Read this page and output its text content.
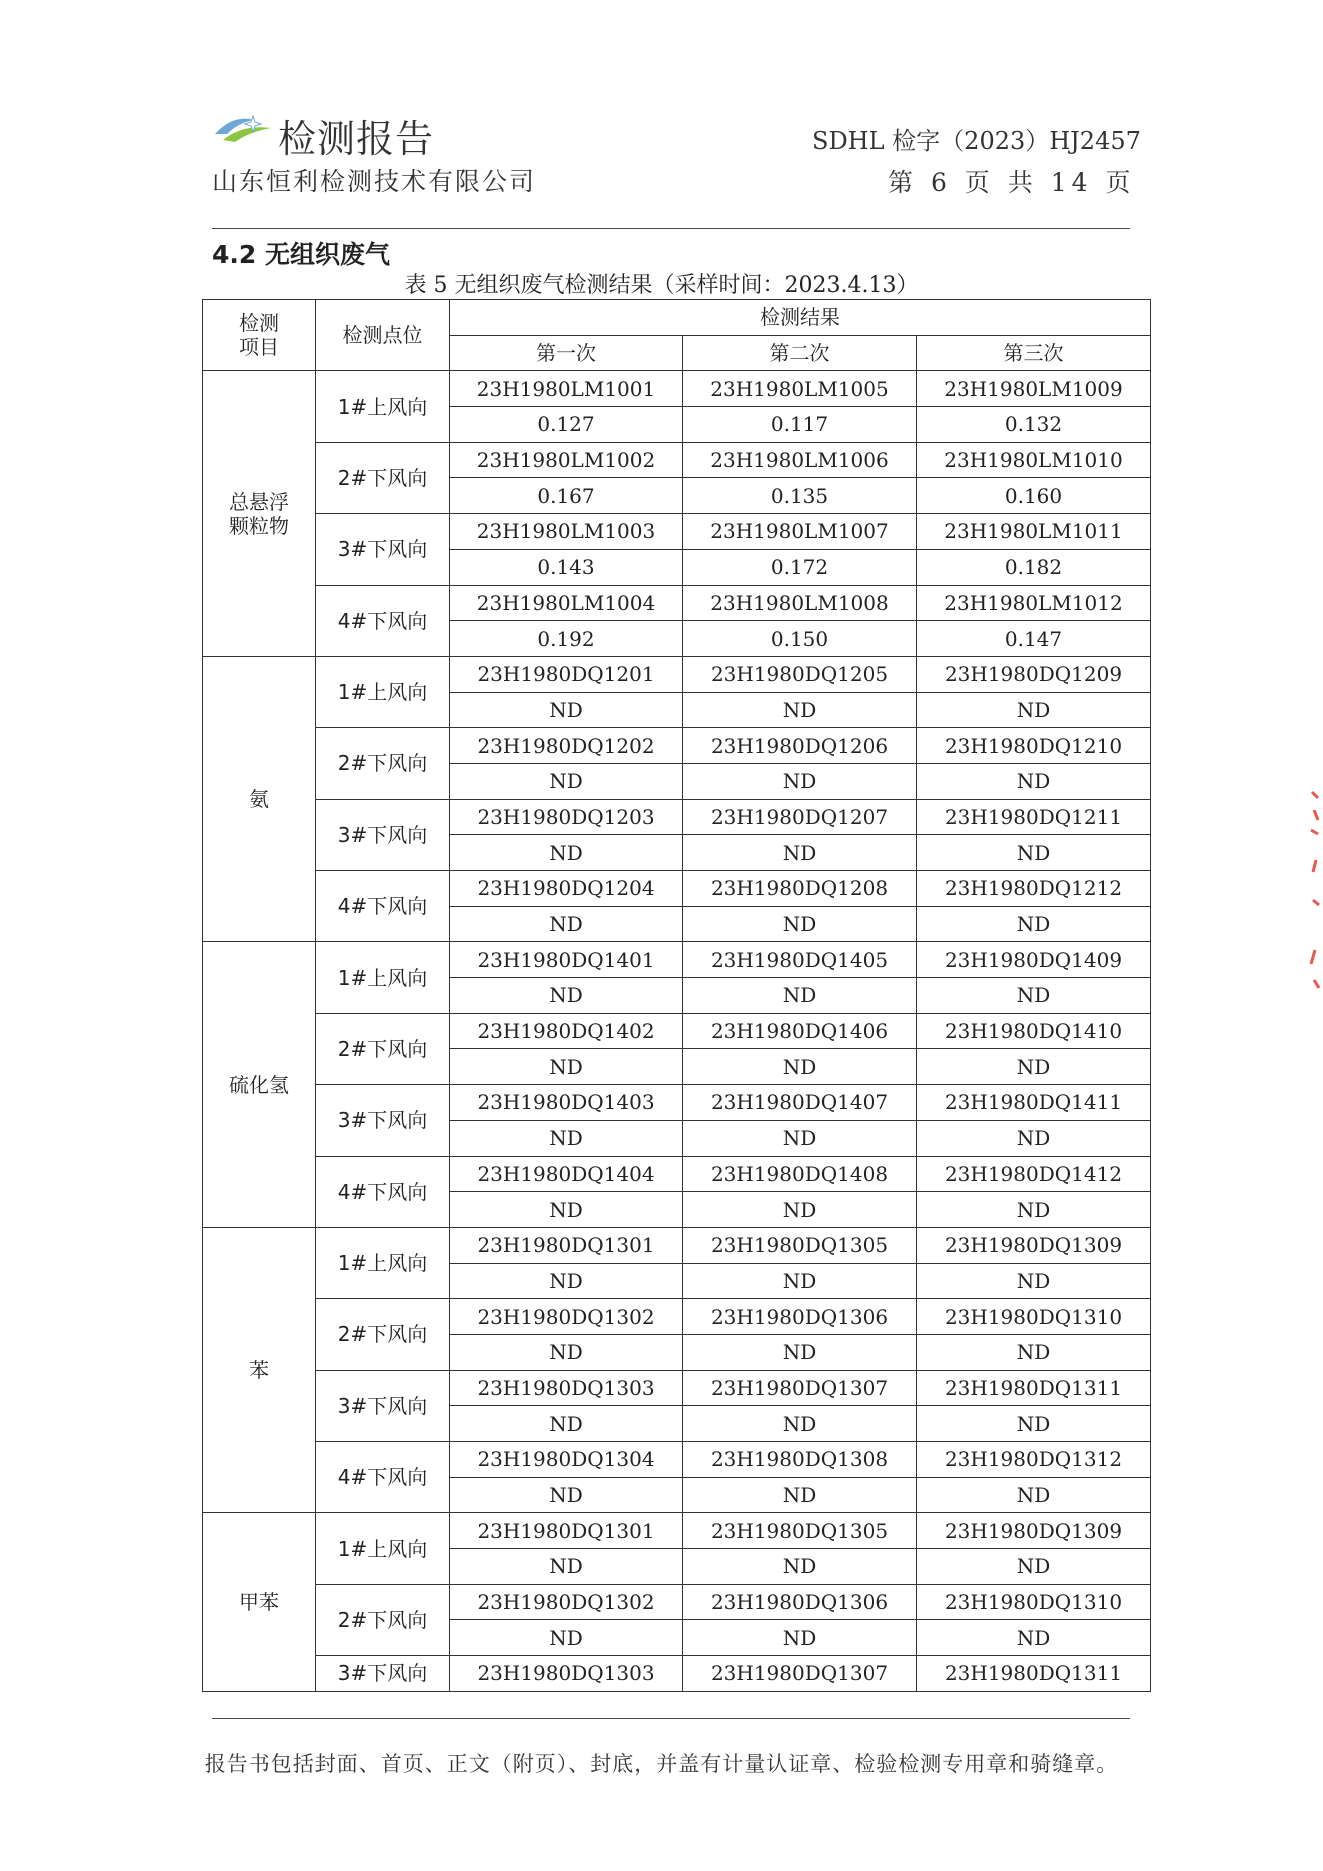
检测报告
山东恒利检测技术有限公司
SDHL 检字（2023）HJ2457
第 6 页 共 14 页
4.2 无组织废气
表 5 无组织废气检测结果（采样时间：2023.4.13）
检测
项目	检测点位	检测结果		
		第一次	第二次	第三次
总悬浮
颗粒物	1#上风向	23H1980LM1001	23H1980LM1005	23H1980LM1009
		0.127	0.117	0.132
	2#下风向	23H1980LM1002	23H1980LM1006	23H1980LM1010
		0.167	0.135	0.160
	3#下风向	23H1980LM1003	23H1980LM1007	23H1980LM1011
		0.143	0.172	0.182
	4#下风向	23H1980LM1004	23H1980LM1008	23H1980LM1012
		0.192	0.150	0.147
氨	1#上风向	23H1980DQ1201	23H1980DQ1205	23H1980DQ1209
		ND	ND	ND
	2#下风向	23H1980DQ1202	23H1980DQ1206	23H1980DQ1210
		ND	ND	ND
	3#下风向	23H1980DQ1203	23H1980DQ1207	23H1980DQ1211
		ND	ND	ND
	4#下风向	23H1980DQ1204	23H1980DQ1208	23H1980DQ1212
		ND	ND	ND
硫化氢	1#上风向	23H1980DQ1401	23H1980DQ1405	23H1980DQ1409
		ND	ND	ND
	2#下风向	23H1980DQ1402	23H1980DQ1406	23H1980DQ1410
		ND	ND	ND
	3#下风向	23H1980DQ1403	23H1980DQ1407	23H1980DQ1411
		ND	ND	ND
	4#下风向	23H1980DQ1404	23H1980DQ1408	23H1980DQ1412
		ND	ND	ND
苯	1#上风向	23H1980DQ1301	23H1980DQ1305	23H1980DQ1309
		ND	ND	ND
	2#下风向	23H1980DQ1302	23H1980DQ1306	23H1980DQ1310
		ND	ND	ND
	3#下风向	23H1980DQ1303	23H1980DQ1307	23H1980DQ1311
		ND	ND	ND
	4#下风向	23H1980DQ1304	23H1980DQ1308	23H1980DQ1312
		ND	ND	ND
甲苯	1#上风向	23H1980DQ1301	23H1980DQ1305	23H1980DQ1309
		ND	ND	ND
	2#下风向	23H1980DQ1302	23H1980DQ1306	23H1980DQ1310
		ND	ND	ND
	3#下风向	23H1980DQ1303	23H1980DQ1307	23H1980DQ1311
报告书包括封面、首页、正文（附页）、封底，并盖有计量认证章、检验检测专用章和骑缝章。
